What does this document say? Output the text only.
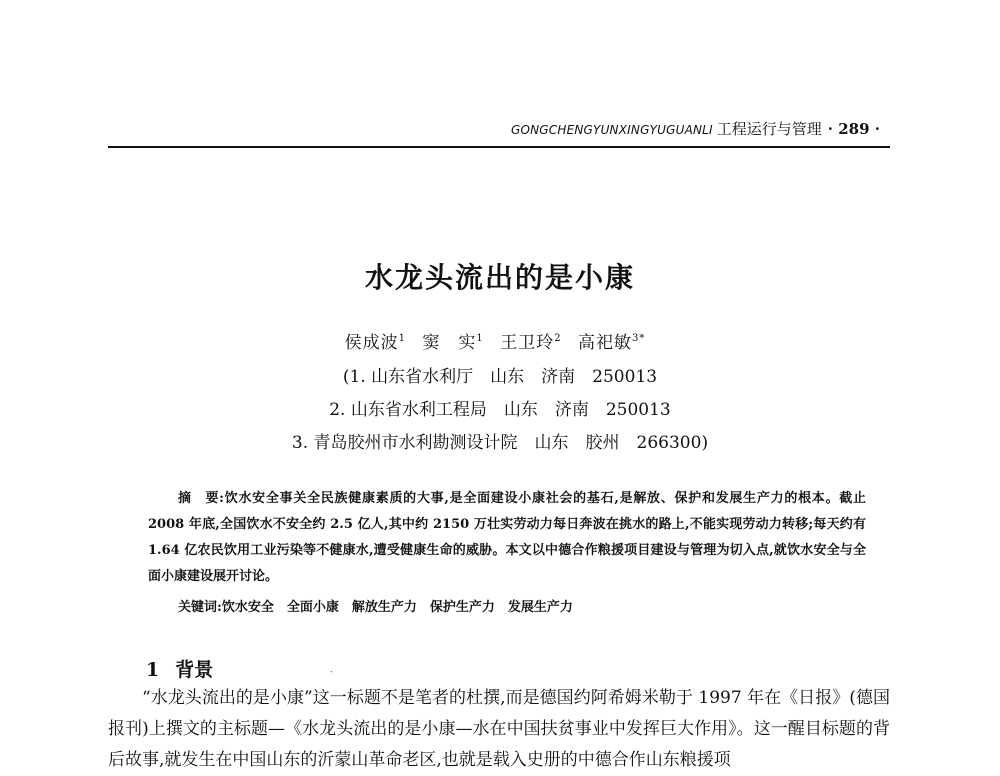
GONGCHENGYUNXINGYUGUANLI 工程运行与管理 · 289 ·
水龙头流出的是小康
侯成波$^1$ 窦　实$^1$ 王卫玲$^2$ 高祀敏$^{3*}$
(1. 山东省水利厅　山东　济南　250013
2. 山东省水利工程局　山东　济南　250013
3. 青岛胶州市水利勘测设计院　山东　胶州　266300)
摘　要:饮水安全事关全民族健康素质的大事,是全面建设小康社会的基石,是解放、保护和发展生产力的根本。截止 2008 年底,全国饮水不安全约 2.5 亿人,其中约 2150 万壮实劳动力每日奔波在挑水的路上,不能实现劳动力转移;每天约有 1.64 亿农民饮用工业污染等不健康水,遭受健康生命的威胁。本文以中德合作粮援项目建设与管理为切入点,就饮水安全与全面小康建设展开讨论。
关键词:饮水安全　全面小康　解放生产力　保护生产力　发展生产力
ˏ
1 背景
“水龙头流出的是小康”这一标题不是笔者的杜撰,而是德国约阿希姆米勒于 1997 年在《日报》(德国报刊)上撰文的主标题—《水龙头流出的是小康—水在中国扶贫事业中发挥巨大作用》。这一醒目标题的背后故事,就发生在中国山东的沂蒙山革命老区,也就是载入史册的中德合作山东粮援项
